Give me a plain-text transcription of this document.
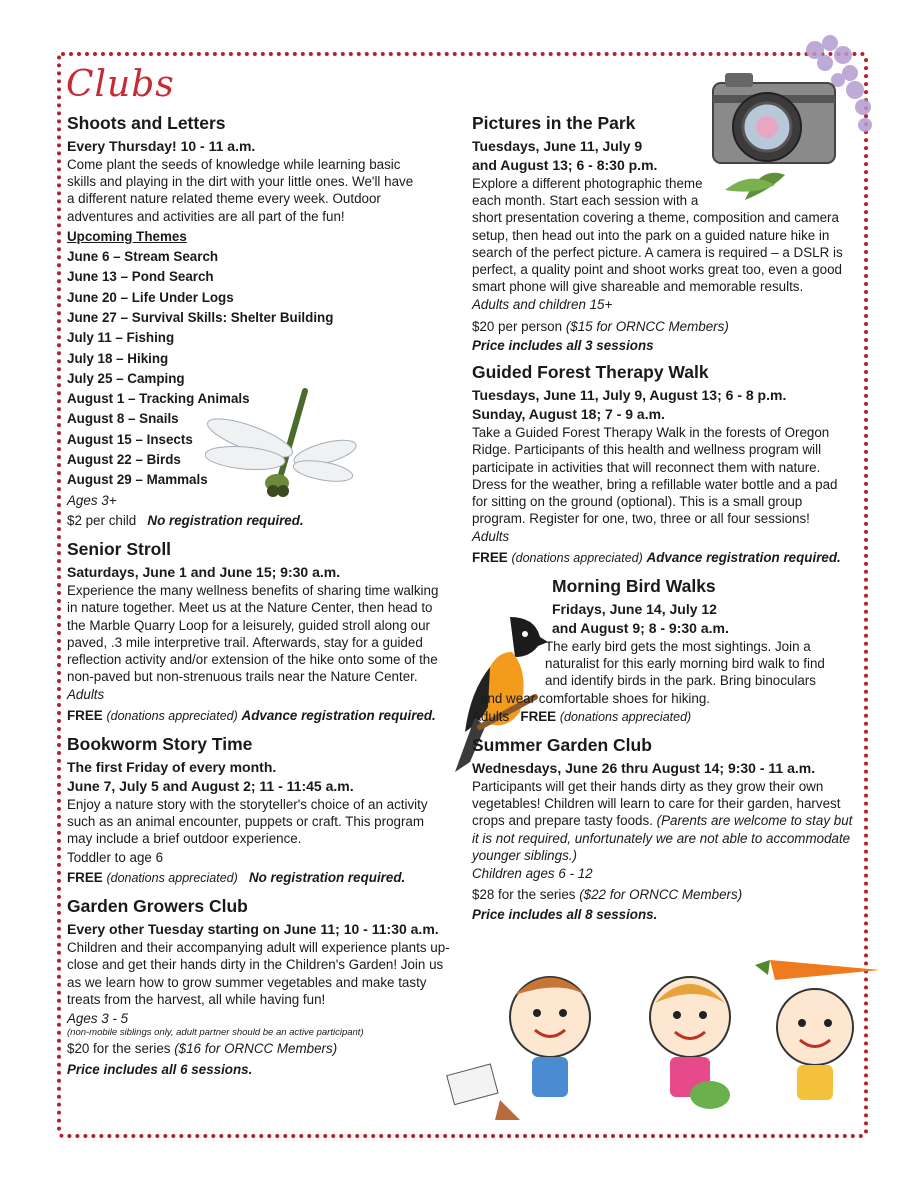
Clubs
Shoots and Letters
Every Thursday! 10 - 11 a.m.

Come plant the seeds of knowledge while learning basic skills and playing in the dirt with your little ones. We'll have a different nature related theme every week. Outdoor adventures and activities are all part of the fun!

Upcoming Themes
June 6 – Stream Search
June 13 – Pond Search
June 20 – Life Under Logs
June 27 – Survival Skills: Shelter Building
July 11 – Fishing
July 18 – Hiking
July 25 – Camping
August 1 – Tracking Animals
August 8 – Snails
August 15 – Insects
August 22 – Birds
August 29 – Mammals
Ages 3+
$2 per child No registration required.
Senior Stroll
Saturdays, June 1 and June 15; 9:30 a.m.

Experience the many wellness benefits of sharing time walking in nature together. Meet us at the Nature Center, then head to the Marble Quarry Loop for a leisurely, guided stroll along our paved, .3 mile interpretive trail. Afterwards, stay for a guided reflection activity and/or extension of the hike onto some of the non-paved but non-strenuous trails near the Nature Center.

Adults
FREE (donations appreciated) Advance registration required.
Bookworm Story Time
The first Friday of every month.
June 7, July 5 and August 2; 11 - 11:45 a.m.

Enjoy a nature story with the storyteller's choice of an activity such as an animal encounter, puppets or craft. This program may include a brief outdoor experience.

Toddler to age 6
FREE (donations appreciated) No registration required.
Garden Growers Club
Every other Tuesday starting on June 11; 10 - 11:30 a.m.

Children and their accompanying adult will experience plants up-close and get their hands dirty in the Children's Garden! Join us as we learn how to grow summer vegetables and make tasty treats from the harvest, all while having fun!

Ages 3 - 5
(non-mobile siblings only, adult partner should be an active participant)
$20 for the series ($16 for ORNCC Members)
Price includes all 6 sessions.
Pictures in the Park
Tuesdays, June 11, July 9
and August 13; 6 - 8:30 p.m.

Explore a different photographic theme

each month. Start each session with a

short presentation covering a theme, composition and camera setup, then head out into the park on a guided nature hike in search of the perfect picture. A camera is required – a DSLR is perfect, a quality point and shoot works great too, even a good smart phone will give shareable and memorable results.

Adults and children 15+
$20 per person ($15 for ORNCC Members)
Price includes all 3 sessions
Guided Forest Therapy Walk
Tuesdays, June 11, July 9, August 13; 6 - 8 p.m.
Sunday, August 18; 7 - 9 a.m.

Take a Guided Forest Therapy Walk in the forests of Oregon Ridge. Participants of this health and wellness program will participate in activities that will reconnect them with nature. Dress for the weather, bring a refillable water bottle and a pad for sitting on the ground (optional). This is a small group program. Register for one, two, three or all four sessions!

Adults
FREE (donations appreciated) Advance registration required.
Morning Bird Walks
Fridays, June 14, July 12
and August 9; 8 - 9:30 a.m.

The early bird gets the most sightings. Join a

naturalist for this early morning bird walk to find

and identify birds in the park. Bring binoculars

and wear comfortable shoes for hiking.

Adults FREE (donations appreciated)
Summer Garden Club
Wednesdays, June 26 thru August 14; 9:30 - 11 a.m.

Participants will get their hands dirty as they grow their own vegetables! Children will learn to care for their garden, harvest crops and prepare tasty foods. (Parents are welcome to stay but it is not required, unfortunately we are not able to accommodate younger siblings.)

Children ages 6 - 12
$28 for the series ($22 for ORNCC Members)
Price includes all 8 sessions.
